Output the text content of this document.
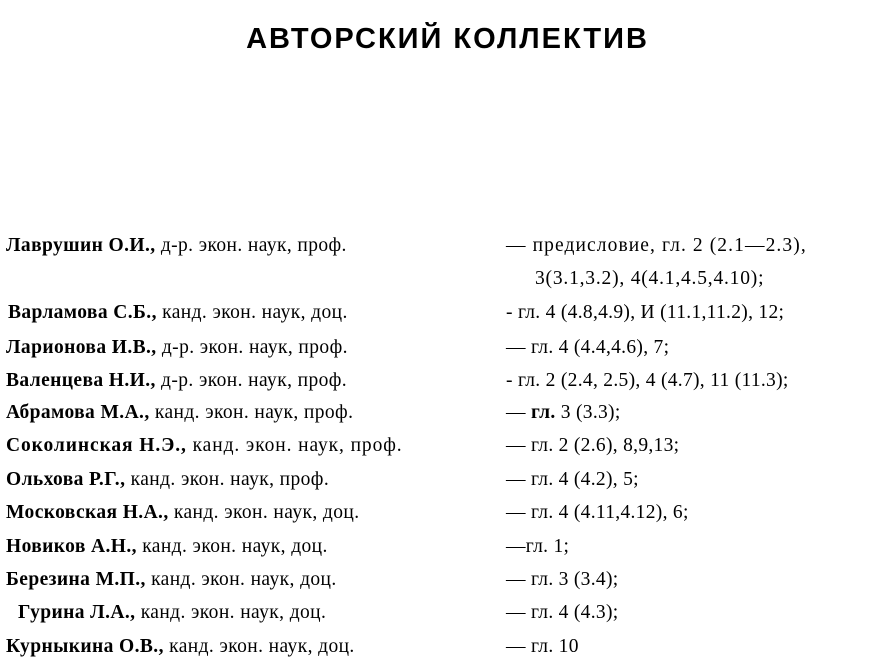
АВТОРСКИЙ КОЛЛЕКТИВ
Лаврушин О.И., д-р. экон. наук, проф.	— предисловие, гл. 2 (2.1—2.3),
3(3.1,3.2), 4(4.1,4.5,4.10);
Варламова С.Б., канд. экон. наук, доц.	- гл. 4 (4.8,4.9), И (11.1,11.2), 12;
Ларионова И.В., д-р. экон. наук, проф.	— гл. 4 (4.4,4.6), 7;
Валенцева Н.И., д-р. экон. наук, проф.	- гл. 2 (2.4, 2.5), 4 (4.7), 11 (11.3);
Абрамова М.А., канд. экон. наук, проф.	— гл. 3 (3.3);
Соколинская Н.Э., канд. экон. наук, проф.	— гл. 2 (2.6), 8,9,13;
Ольхова Р.Г., канд. экон. наук, проф.	— гл. 4 (4.2), 5;
Московская Н.А., канд. экон. наук, доц.	— гл. 4 (4.11,4.12), 6;
Новиков А.Н., канд. экон. наук, доц.	—гл. 1;
Березина М.П., канд. экон. наук, доц.	— гл. 3 (3.4);
Гурина Л.А., канд. экон. наук, доц.	— гл. 4 (4.3);
Курныкина О.В., канд. экон. наук, доц.	— гл. 10
